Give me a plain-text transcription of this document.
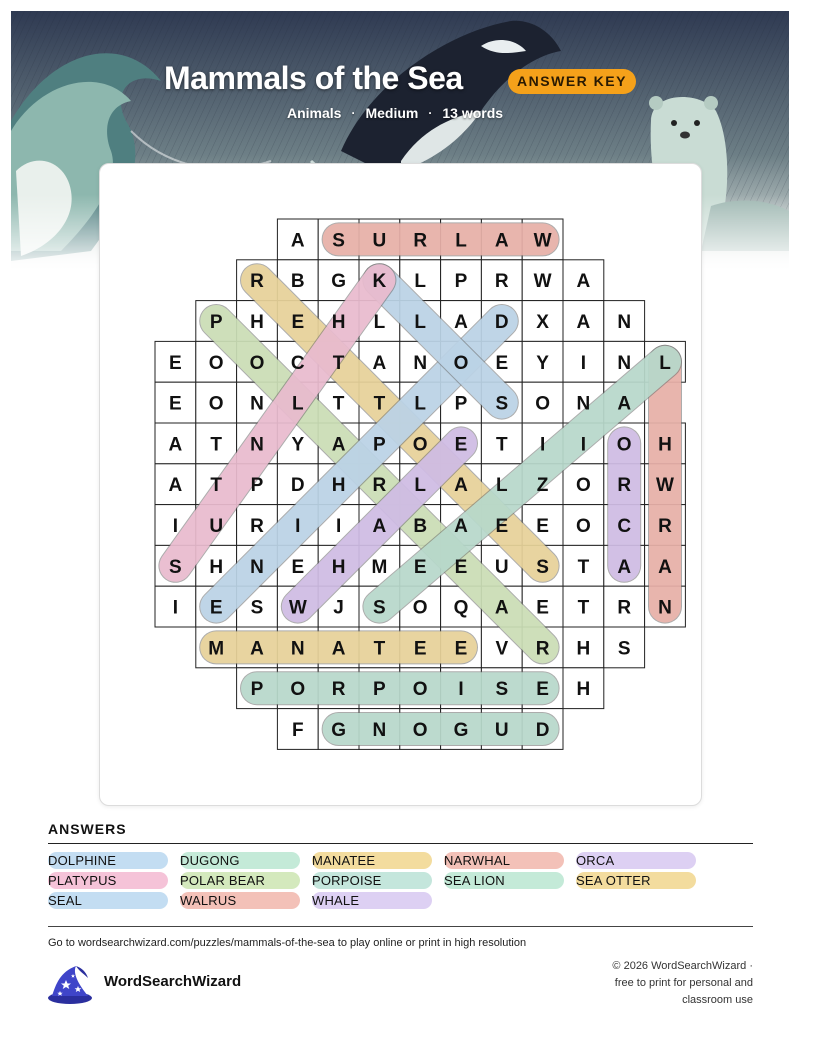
Mammals of the Sea	ANSWER KEY
Animals · Medium · 13 words
A S U R L A W
R B G K L P R W A
P H E H L L A D X A N
E O O C T A N O E Y I N L
E O N L T T L P S O N A
A T N Y A P O E T I I O H
A T P D H R L A L Z O R W
I U R I I A B A E E O C R
S H N E H M E E U S T A A
I E S W J S O Q A E T R N
M A N A T E E V R H S
P O R P O I S E H
F G N O G U D
ANSWERS
DOLPHINE	DUGONG	MANATEE	NARWHAL	ORCA
PLATYPUS	POLAR BEAR	PORPOISE	SEA LION	SEA OTTER
SEAL	WALRUS	WHALE
Go to wordsearchwizard.com/puzzles/mammals-of-the-sea to play online or print in high resolution
WordSearchWizard
© 2026 WordSearchWizard ·
free to print for personal and
classroom use
